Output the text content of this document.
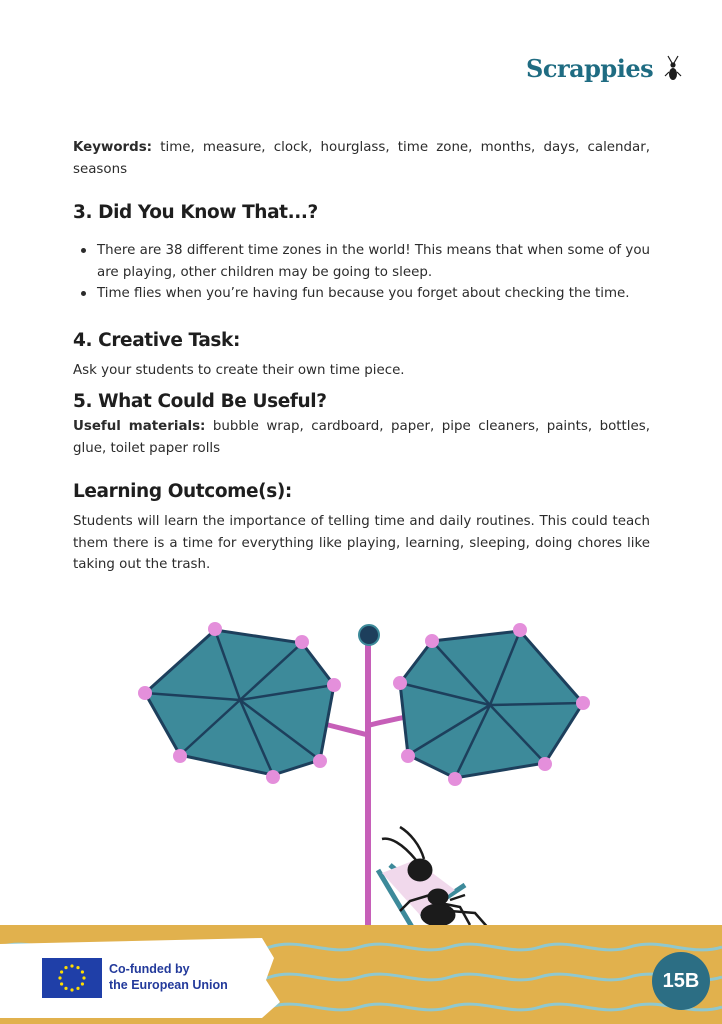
Scrappies

Keywords: time, measure, clock, hourglass, time zone, months, days, calendar, seasons

3. Did You Know That...?
There are 38 different time zones in the world! This means that when some of you are playing, other children may be going to sleep.
Time flies when you’re having fun because you forget about checking the time.
4. Creative Task:

Ask your students to create their own time piece.

5. What Could Be Useful?

Useful materials: bubble wrap, cardboard, paper, pipe cleaners, paints, bottles, glue, toilet paper rolls

Learning Outcome(s):

Students will learn the importance of telling time and daily routines. This could teach them there is a time for everything like playing, learning, sleeping, doing chores like taking out the trash.

Co-funded by
the European Union	15B
